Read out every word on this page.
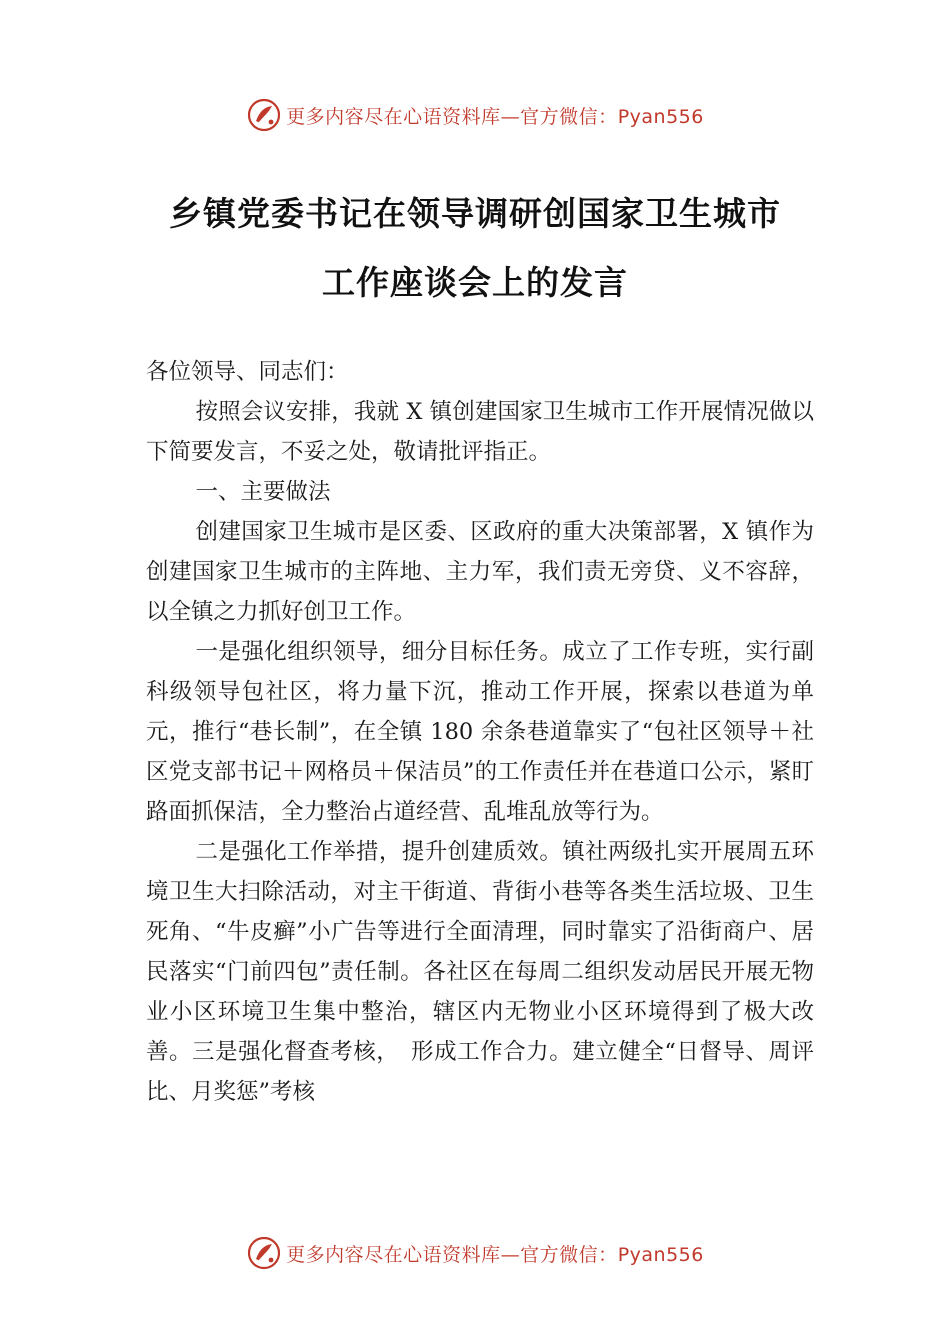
更多内容尽在心语资料库—官方微信：Pyan556
乡镇党委书记在领导调研创国家卫生城市
工作座谈会上的发言

各位领导、同志们：

按照会议安排，我就 X 镇创建国家卫生城市工作开展情况做以下简要发言，不妥之处，敬请批评指正。

一、主要做法

创建国家卫生城市是区委、区政府的重大决策部署，X 镇作为创建国家卫生城市的主阵地、主力军，我们责无旁贷、义不容辞，以全镇之力抓好创卫工作。

一是强化组织领导，细分目标任务。成立了工作专班，实行副科级领导包社区，将力量下沉，推动工作开展，探索以巷道为单元，推行“巷长制”，在全镇 180 余条巷道靠实了“包社区领导＋社区党支部书记＋网格员＋保洁员”的工作责任并在巷道口公示，紧盯路面抓保洁，全力整治占道经营、乱堆乱放等行为。

二是强化工作举措，提升创建质效。镇社两级扎实开展周五环境卫生大扫除活动，对主干街道、背街小巷等各类生活垃圾、卫生死角、“牛皮癣”小广告等进行全面清理，同时靠实了沿街商户、居民落实“门前四包”责任制。各社区在每周二组织发动居民开展无物业小区环境卫生集中整治，辖区内无物业小区环境得到了极大改善。三是强化督查考核，　形成工作合力。建立健全“日督导、周评比、月奖惩”考核

更多内容尽在心语资料库—官方微信：Pyan556
